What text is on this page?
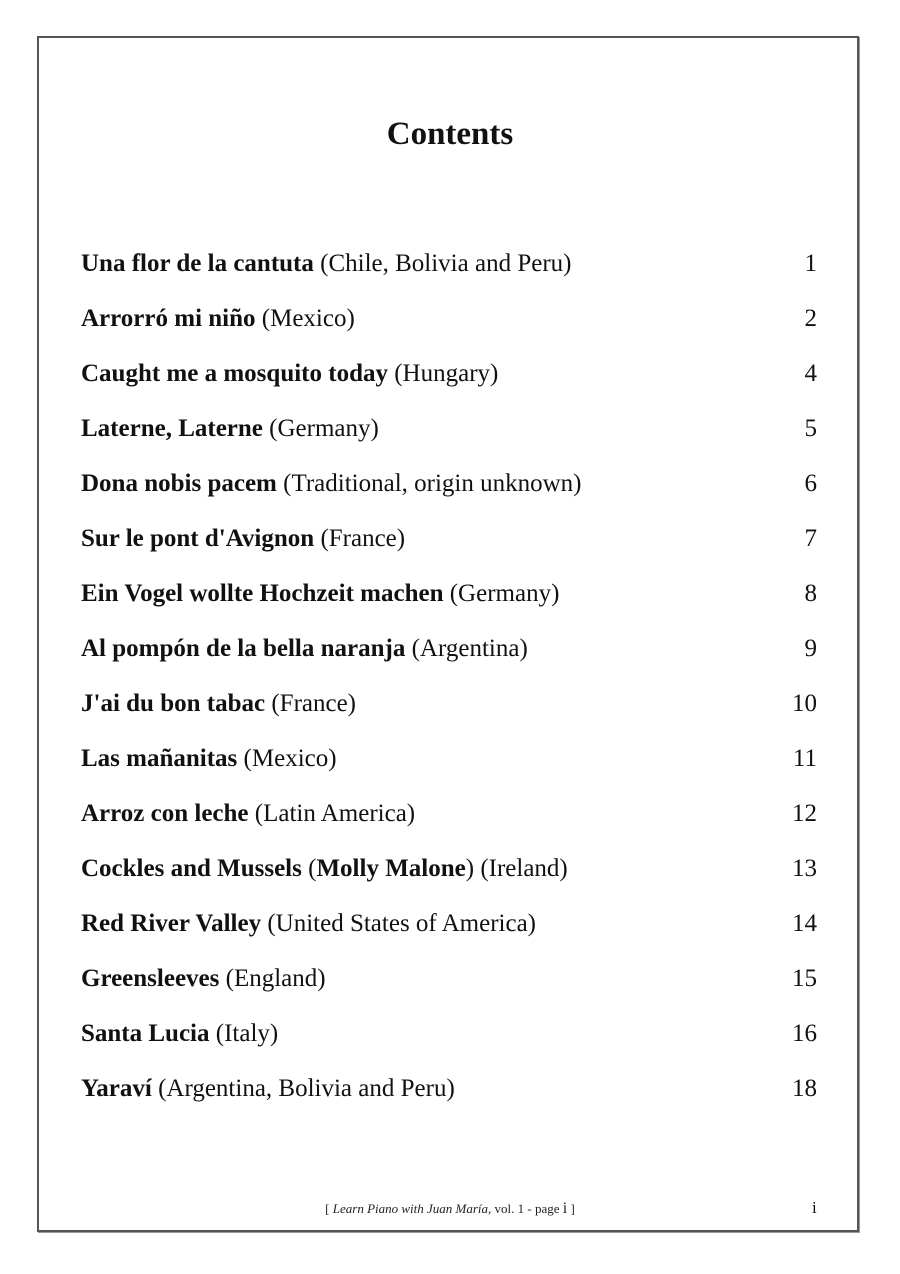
Contents
Una flor de la cantuta (Chile, Bolivia and Peru)	1
Arrorró mi niño (Mexico)	2
Caught me a mosquito today (Hungary)	4
Laterne, Laterne (Germany)	5
Dona nobis pacem (Traditional, origin unknown)	6
Sur le pont d'Avignon (France)	7
Ein Vogel wollte Hochzeit machen (Germany)	8
Al pompón de la bella naranja (Argentina)	9
J'ai du bon tabac (France)	10
Las mañanitas (Mexico)	11
Arroz con leche (Latin America)	12
Cockles and Mussels (Molly Malone) (Ireland)	13
Red River Valley (United States of America)	14
Greensleeves (England)	15
Santa Lucia (Italy)	16
Yaraví (Argentina, Bolivia and Peru)	18
[ Learn Piano with Juan María, vol. 1 - page i ]	i
